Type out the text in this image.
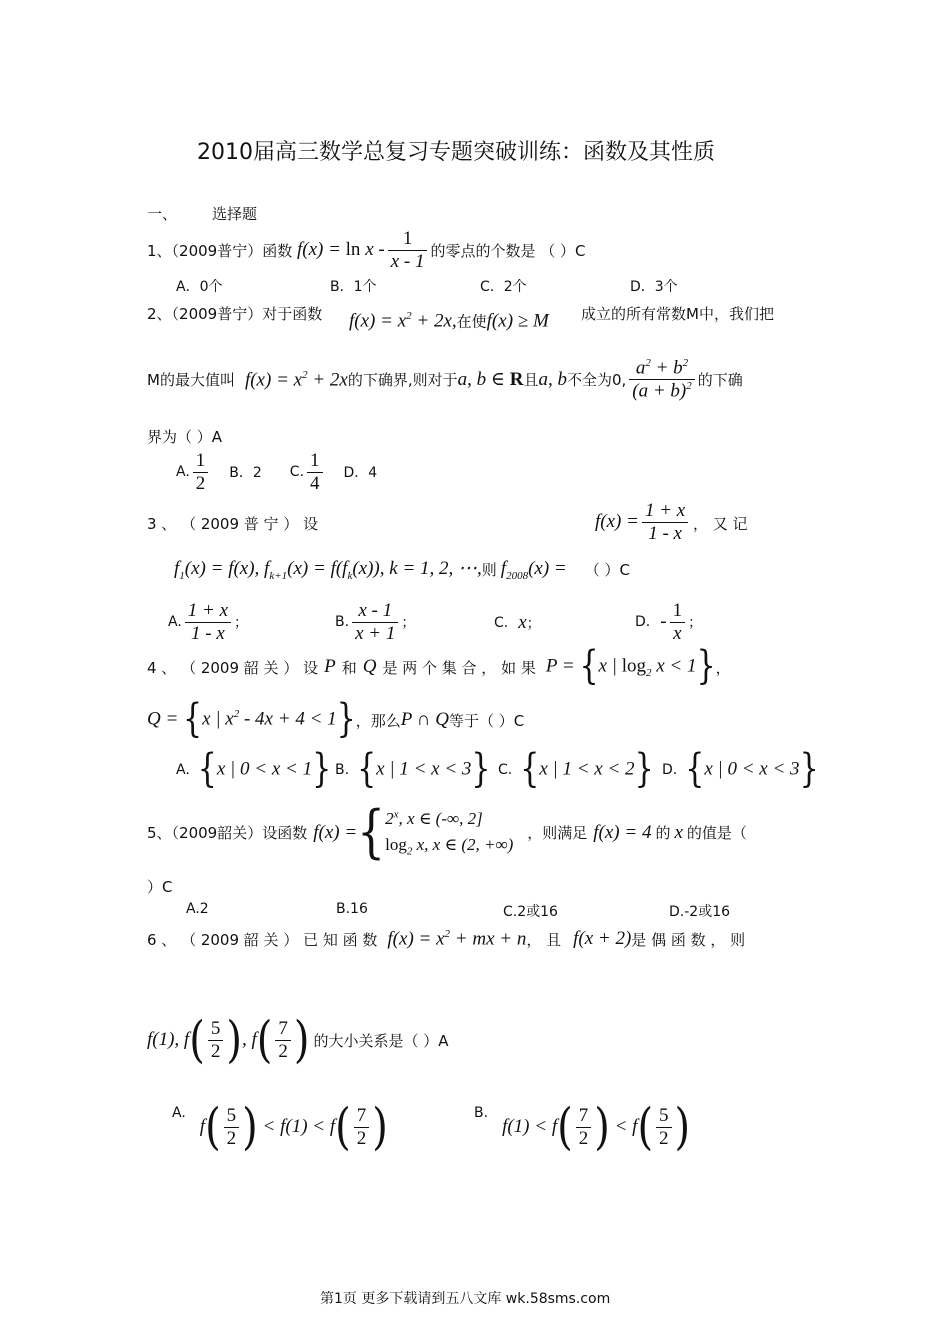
2010届高三数学总复习专题突破训练：函数及其性质
一、 选择题
1、（2009普宁）函数 $f(x) = \ln x - \frac{1}{x - 1}$ 的零点的个数是 （ ）C
A．0个	B．1个	C．2个	D．3个
2、（2009普宁）对于函数 $f(x) = x^2 + 2x$,在使f(x) ≥ M 成立的所有常数M中，我们把
M的最大值叫 $f(x) = x^2 + 2x$ 的下确界,则对于 a, b ∈ R 且 a, b 不全为0, $\frac{a^2 + b^2}{(a + b)^2}$ 的下确
界为（ ）A
A. $\frac{1}{2}$ B．2 C. $\frac{1}{4}$ D．4
3 、 （ 2009 普 宁 ） 设	$f(x) = \frac{1 + x}{1 - x}$ ， 又 记
$f_1(x) = f(x)$, $f_{k+1}(x) = f(f_k(x))$, k = 1, 2, ⋯, 则 $f_{2008}(x)$ = （ ）C
A. $\frac{1 + x}{1 - x}$ ；	B. $\frac{x - 1}{x + 1}$ ；	C. x ；	D. - $\frac{1}{x}$ ；
4 、 （ 2009 韶 关 ） 设 P 和 Q 是 两 个 集 合 ， 如 果 P = {x | $\log_2 x < 1$} ，
Q = {x | $x^2 - 4x + 4 < 1$} ，那么 P ∩ Q 等于（ ）C
A. {x | 0 < x < 1} B. {x | 1 < x < 3} C. {x | 1 < x < 2} D. {x | 0 < x < 3}
5、（2009韶关）设函数 f(x) = { 2$^x$, x ∈ (-∞, 2]
$\log_2 x$, x ∈ (2, +∞)
，则满足 f(x) = 4 的 x 的值是（
）C
A.2	B.16	C.2或16	D.-2或16
6 、 （ 2009 韶 关 ） 已 知 函 数 $f(x) = x^2$ + mx + n ， 且 f(x + 2) 是 偶 函 数 ， 则
f(1), f ( $\frac{5}{2}$ ) , f ( $\frac{7}{2}$ ) 的大小关系是（ ）A
A.
f ( $\frac{5}{2}$ ) < f(1) < f ( $\frac{7}{2}$ )	B.
f(1) < f ( $\frac{7}{2}$ ) < f ( $\frac{5}{2}$ )
第1页 更多下载请到五八文库 wk.58sms.com
